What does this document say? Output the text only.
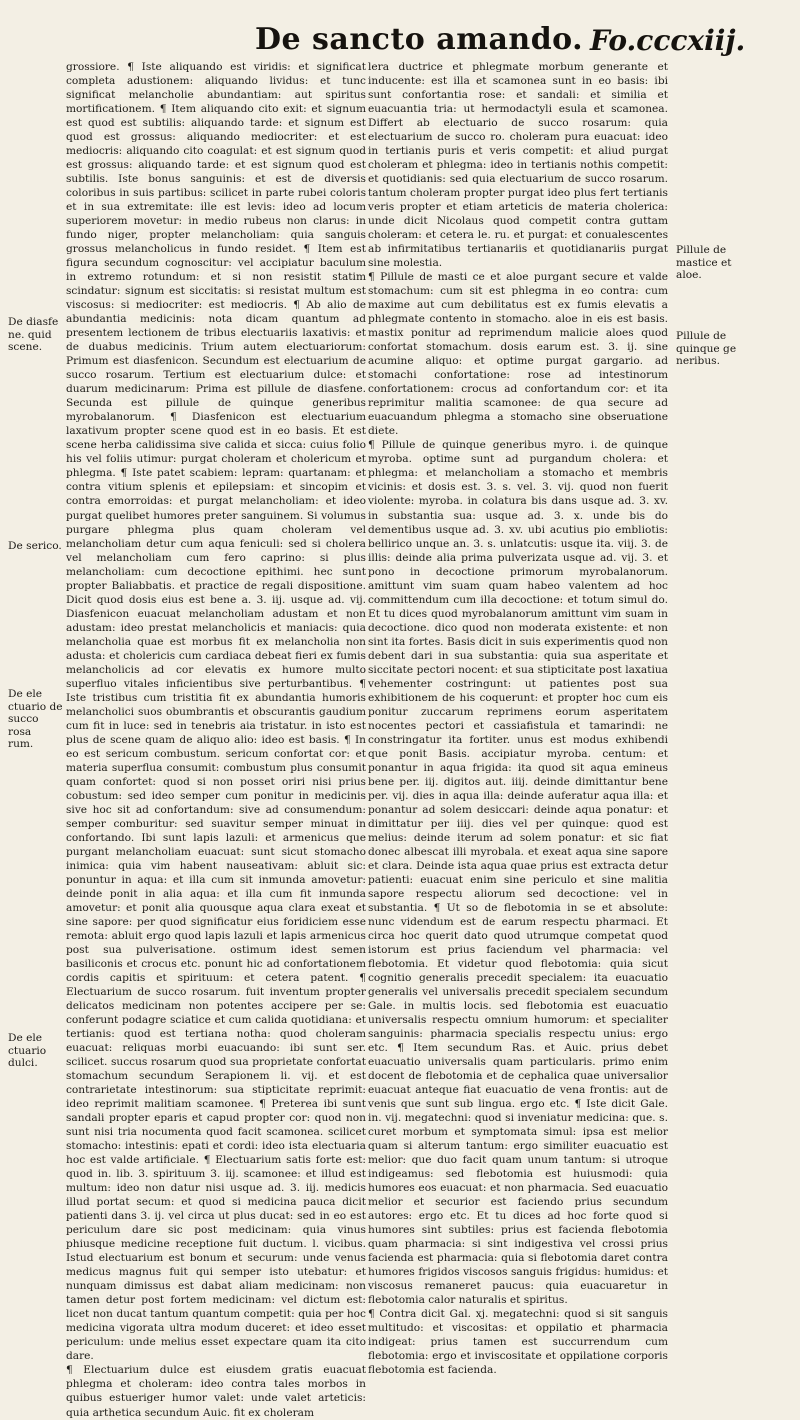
De sancto amando. Fo.cccxiij.

grossiore. ¶ Iste aliquando est viridis: et significat completa adustionem: aliquando lividus: et tunc significat melancholie abundantiam: aut spiritus mortificationem. ¶ Item aliquando cito exit: et signum est quod est subtilis: aliquando tarde: et signum est quod est grossus: aliquando mediocriter: et est mediocris: aliquando cito coagulat: et est signum quod est grossus: aliquando tarde: et est signum quod est subtilis. Iste bonus sanguinis: et est de diversis coloribus in suis partibus: scilicet in parte rubei coloris et in sua extremitate: ille est levis: ideo ad locum superiorem movetur: in medio rubeus non clarus: in fundo niger, propter melancholiam: quia sanguis grossus melancholicus in fundo residet. ¶ Item est figura secundum cognoscitur: vel accipiatur baculum in extremo rotundum: et si non resistit statim scindatur: signum est siccitatis: si resistat multum est viscosus: si mediocriter: est mediocris. ¶ Ab alio de abundantia medicinis: nota dicam quantum ad presentem lectionem de tribus electuariis laxativis: et de duabus medicinis. Trium autem electuariorum: Primum est diasfenicon. Secundum est electuarium de succo rosarum. Tertium est electuarium dulce: et duarum medicinarum: Prima est pillule de diasfene. Secunda est pillule de quinque generibus myrobalanorum. ¶ Diasfenicon est electuarium laxativum propter scene quod est in eo basis. Et est scene herba calidissima sive calida et sicca: cuius folio his vel foliis utimur: purgat choleram et cholericum et phlegma. ¶ Iste patet scabiem: lepram: quartanam: et contra vitium splenis et epilepsiam: et sincopim et contra emorroidas: et purgat melancholiam: et ideo purgat quelibet humores preter sanguinem. Si volumus purgare phlegma plus quam choleram vel melancholiam detur cum aqua feniculi: sed si cholera vel melancholiam cum fero caprino: si plus melancholiam: cum decoctione epithimi. hec sunt propter Baliabbatis. et practice de regali dispositione. Dicit quod dosis eius est bene a. 3. iij. usque ad. vij. Diasfenicon euacuat melancholiam adustam et non adustam: ideo prestat melancholicis et maniacis: quia melancholia quae est morbus fit ex melancholia non adusta: et cholericis cum cardiaca debeat fieri ex fumis melancholicis ad cor elevatis ex humore multo superfluo vitales inficientibus sive perturbantibus. ¶ Iste tristibus cum tristitia fit ex abundantia humoris melancholici suos obumbrantis et obscurantis gaudium cum fit in luce: sed in tenebris aia tristatur. in isto est plus de scene quam de aliquo alio: ideo est basis. ¶ In eo est sericum combustum. sericum confortat cor: et materia superflua consumit: combustum plus consumit quam confortet: quod si non posset oriri nisi prius cobustum: sed ideo semper cum ponitur in medicinis sive hoc sit ad confortandum: sive ad consumendum: semper comburitur: sed suavitur semper minuat in confortando. Ibi sunt lapis lazuli: et armenicus que purgant melancholiam euacuat: sunt sicut stomacho inimica: quia vim habent nauseativam: abluit sic: ponuntur in aqua: et illa cum sit inmunda amovetur: deinde ponit in alia aqua: et illa cum fit inmunda amovetur: et ponit alia quousque aqua clara exeat et sine sapore: per quod significatur eius foridiciem esse remota: abluit ergo quod lapis lazuli et lapis armenicus post sua pulverisatione. ostimum idest semen basiliconis et crocus etc. ponunt hic ad confortationem cordis capitis et spirituum: et cetera patent. ¶ Electuarium de succo rosarum. fuit inventum propter delicatos medicinam non potentes accipere per se: conferunt podagre sciatice et cum calida quotidiana: et tertianis: quod est tertiana notha: quod choleram euacuat: reliquas morbi euacuando: ibi sunt ser. scilicet. succus rosarum quod sua proprietate confortat stomachum secundum Serapionem li. vij. et est contrarietate intestinorum: sua stipticitate reprimit: ideo reprimit malitiam scamonee. ¶ Preterea ibi sunt sandali propter eparis et capud propter cor: quod non sunt nisi tria nocumenta quod facit scamonea. scilicet stomacho: intestinis: epati et cordi: ideo ista electuaria hoc est valde artificiale. ¶ Electuarium satis forte est: quod in. lib. 3. spirituum 3. iij. scamonee: et illud est multum: ideo non datur nisi usque ad. 3. iij. medicis illud portat secum: et quod si medicina pauca dicit patienti dans 3. ij. vel circa ut plus ducat: sed in eo est periculum dare sic post medicinam: quia vinus phiusque medicine receptione fuit ductum. l. vicibus. Istud electuarium est bonum et securum: unde venus medicus magnus fuit qui semper isto utebatur: et nunquam dimissus est dabat aliam medicinam: non tamen detur post fortem medicinam: vel dictum est: licet non ducat tantum quantum competit: quia per hoc medicina vigorata ultra modum duceret: et ideo esset periculum: unde melius esset expectare quam ita cito dare.

¶ Electuarium dulce est eiusdem gratis euacuat phlegma et choleram: ideo contra tales morbos in quibus estueriger humor valet: unde valet arteticis: quia arthetica secundum Auic. fit ex choleram

lera ductrice et phlegmate morbum generante et inducente: est illa et scamonea sunt in eo basis: ibi sunt confortantia rose: et sandali: et similia et euacuantia tria: ut hermodactyli esula et scamonea. Differt ab electuario de succo rosarum: quia electuarium de succo ro. choleram pura euacuat: ideo in tertianis puris et veris competit: et aliud purgat choleram et phlegma: ideo in tertianis nothis competit: et quotidianis: sed quia electuarium de succo rosarum. tantum choleram propter purgat ideo plus fert tertianis veris propter et etiam arteticis de materia cholerica: unde dicit Nicolaus quod competit contra guttam choleram: et cetera le. ru. et purgat: et conualescentes ab infirmitatibus tertianariis et quotidianariis purgat sine molestia.

¶ Pillule de masti ce et aloe purgant secure et valde stomachum: cum sit est phlegma in eo contra: cum maxime aut cum debilitatus est ex fumis elevatis a phlegmate contento in stomacho. aloe in eis est basis. mastix ponitur ad reprimendum malicie aloes quod confortat stomachum. dosis earum est. 3. ij. sine acumine aliquo: et optime purgat gargario. ad stomachi confortatione: rose ad intestinorum confortationem: crocus ad confortandum cor: et ita reprimitur malitia scamonee: de qua secure ad euacuandum phlegma a stomacho sine obseruatione diete.

¶ Pillule de quinque generibus myro. i. de quinque myroba. optime sunt ad purgandum cholera: et phlegma: et melancholiam a stomacho et membris vicinis: et dosis est. 3. s. vel. 3. vij. quod non fuerit violente: myroba. in colatura bis dans usque ad. 3. xv. in substantia sua: usque ad. 3. x. unde bis do dementibus usque ad. 3. xv. ubi acutius pio embliotis: bellirico unque an. 3. s. unlatcutis: usque ita. viij. 3. de illis: deinde alia prima pulverizata usque ad. vij. 3. et pono in decoctione primorum myrobalanorum. amittunt vim suam quam habeo valentem ad hoc committendum cum illa decoctione: et totum simul do. Et tu dices quod myrobalanorum amittunt vim suam in decoctione. dico quod non moderata existente: et non sint ita fortes. Basis dicit in suis experimentis quod non debent dari in sua substantia: quia sua asperitate et siccitate pectori nocent: et sua stipticitate post laxatiua vehementer costringunt: ut patientes post sua exhibitionem de his coquerunt: et propter hoc cum eis ponitur zuccarum reprimens eorum asperitatem nocentes pectori et cassiafistula et tamarindi: ne constringatur ita fortiter. unus est modus exhibendi que ponit Basis. accipiatur myroba. centum: et ponantur in aqua frigida: ita quod sit aqua emineus bene per. iij. digitos aut. iiij. deinde dimittantur bene per. vij. dies in aqua illa: deinde auferatur aqua illa: et ponantur ad solem desiccari: deinde aqua ponatur: et dimittatur per iiij. dies vel per quinque: quod est melius: deinde iterum ad solem ponatur: et sic fiat donec albescat illi myrobala. et exeat aqua sine sapore et clara. Deinde ista aqua quae prius est extracta detur patienti: euacuat enim sine periculo et sine malitia sapore respectu aliorum sed decoctione: vel in substantia. ¶ Ut so de flebotomia in se et absolute: nunc videndum est de earum respectu pharmaci. Et circa hoc querit dato quod utrumque competat quod istorum est prius faciendum vel pharmacia: vel flebotomia. Et videtur quod flebotomia: quia sicut cognitio generalis precedit specialem: ita euacuatio generalis vel universalis precedit specialem secundum Gale. in multis locis. sed flebotomia est euacuatio universalis respectu omnium humorum: et specialiter sanguinis: pharmacia specialis respectu unius: ergo etc. ¶ Item secundum Ras. et Auic. prius debet euacuatio universalis quam particularis. primo enim docent de flebotomia et de cephalica quae universalior euacuat anteque fiat euacuatio de vena frontis: aut de venis que sunt sub lingua. ergo etc. ¶ Iste dicit Gale. in. vij. megatechni: quod si inveniatur medicina: que. s. curet morbum et symptomata simul: ipsa est melior quam si alterum tantum: ergo similiter euacuatio est melior: que duo facit quam unum tantum: si utroque indigeamus: sed flebotomia est huiusmodi: quia humores eos euacuat: et non pharmacia. Sed euacuatio melior et securior est faciendo prius secundum autores: ergo etc. Et tu dices ad hoc forte quod si humores sint subtiles: prius est facienda flebotomia quam pharmacia: si sint indigestiva vel crossi prius facienda est pharmacia: quia si flebotomia daret contra humores frigidos viscosos sanguis frigidus: humidus: et viscosus remaneret paucus: quia euacuaretur in flebotomia calor naturalis et spiritus.

¶ Contra dicit Gal. xj. megatechni: quod si sit sanguis multitudo: et viscositas: et oppilatio et pharmacia indigeat: prius tamen est succurrendum cum flebotomia: ergo et inviscositate et oppilatione corporis flebotomia est facienda.

De diasfe
ne. quid
scene.
De serico.
De ele
ctuario de
succo rosa
rum.
De ele
ctuario
dulci.
Pillule de
mastice et
aloe.
Pillule de
quinque ge
neribus.
